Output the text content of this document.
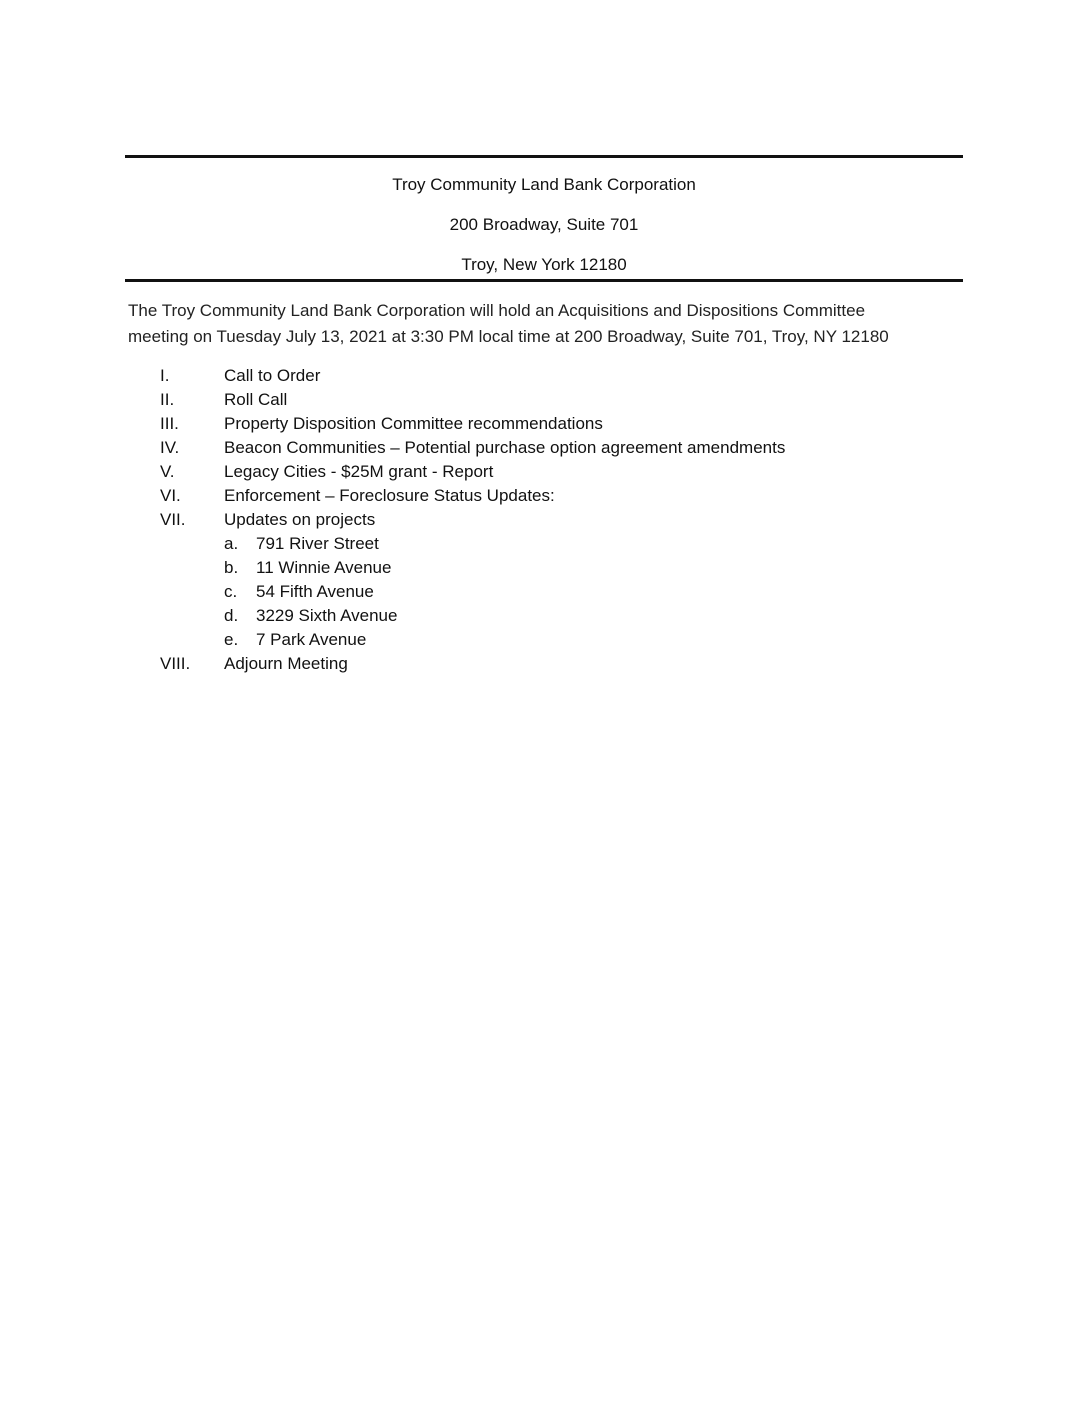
Troy Community Land Bank Corporation
200 Broadway, Suite 701
Troy, New York 12180
The Troy Community Land Bank Corporation will hold an Acquisitions and Dispositions Committee
meeting on Tuesday July 13, 2021 at 3:30 PM local time at 200 Broadway, Suite 701, Troy, NY 12180
I.	Call to Order
II.	Roll Call
III.	Property Disposition Committee recommendations
IV.	Beacon Communities – Potential purchase option agreement amendments
V.	Legacy Cities - $25M grant - Report
VI.	Enforcement – Foreclosure Status Updates:
VII. Updates on projects
a. 791 River Street
b. 11 Winnie Avenue
c. 54 Fifth Avenue
d. 3229 Sixth Avenue
e. 7 Park Avenue
VIII. Adjourn Meeting
